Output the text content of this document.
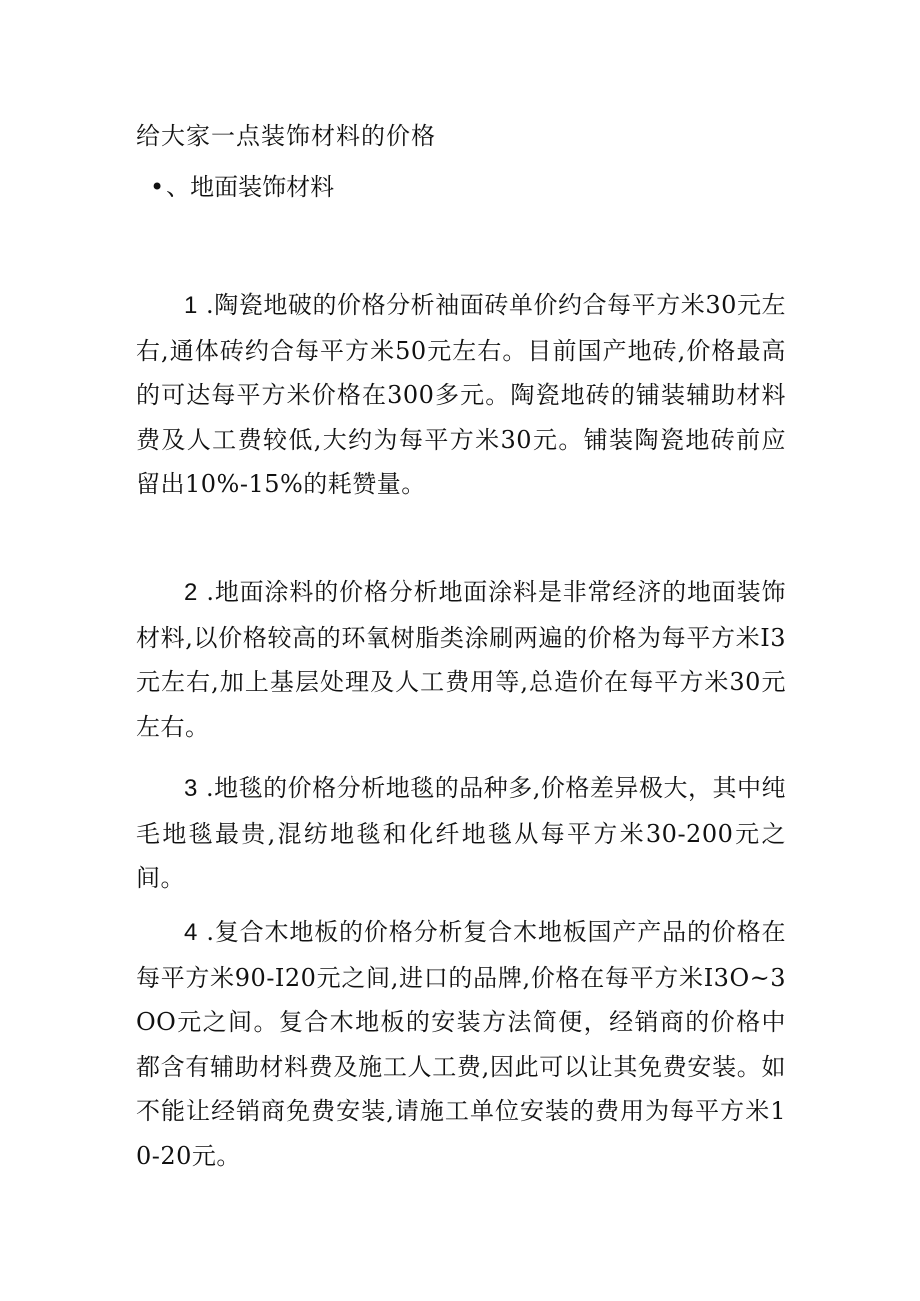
给大家一点装饰材料的价格
•、地面装饰材料

1 .陶瓷地破的价格分析袖面砖单价约合每平方米30元左右,通体砖约合每平方米50元左右。目前国产地砖,价格最高的可达每平方米价格在300多元。陶瓷地砖的铺装辅助材料费及人工费较低,大约为每平方米30元。铺装陶瓷地砖前应留出10%-15%的耗赞量。

2 .地面涂料的价格分析地面涂料是非常经济的地面装饰材料,以价格较高的环氧树脂类涂刷两遍的价格为每平方米I3元左右,加上基层处理及人工费用等,总造价在每平方米30元左右。

3 .地毯的价格分析地毯的品种多,价格差异极大，其中纯毛地毯最贵,混纺地毯和化纤地毯从每平方米30-200元之间。

4 .复合木地板的价格分析复合木地板国产产品的价格在每平方米90-I20元之间,进口的品牌,价格在每平方米I3O~3OO元之间。复合木地板的安装方法简便，经销商的价格中都含有辅助材料费及施工人工费,因此可以让其免费安装。如不能让经销商免费安装,请施工单位安装的费用为每平方米10-20元。
